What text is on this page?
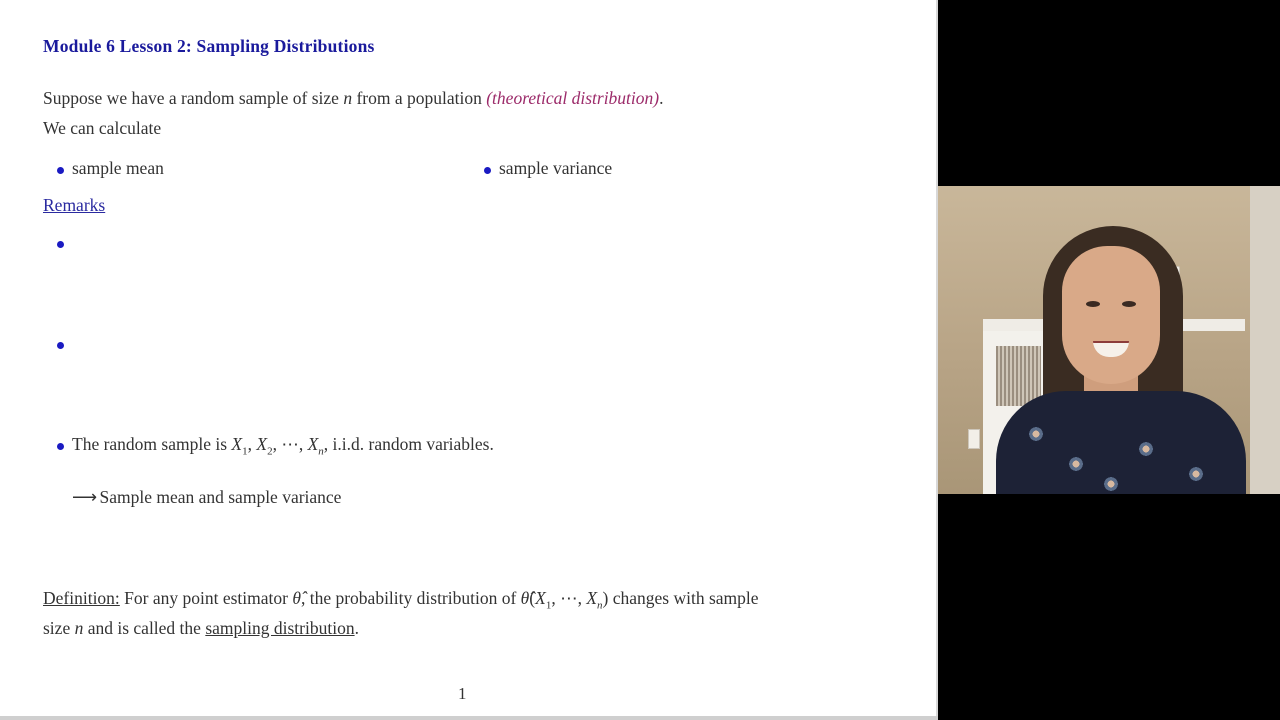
Module 6 Lesson 2: Sampling Distributions
Suppose we have a random sample of size n from a population (theoretical distribution).
We can calculate
sample mean	sample variance
Remarks
The random sample is $X_1$, $X_2$, ⋯, $X_n$, i.i.d. random variables.
⟶ Sample mean and sample variance
Definition: For any point estimator θ̂, the probability distribution of $\thetâ(X_1$, ⋯, $X_n$) changes with sample
size n and is called the sampling distribution.
1
